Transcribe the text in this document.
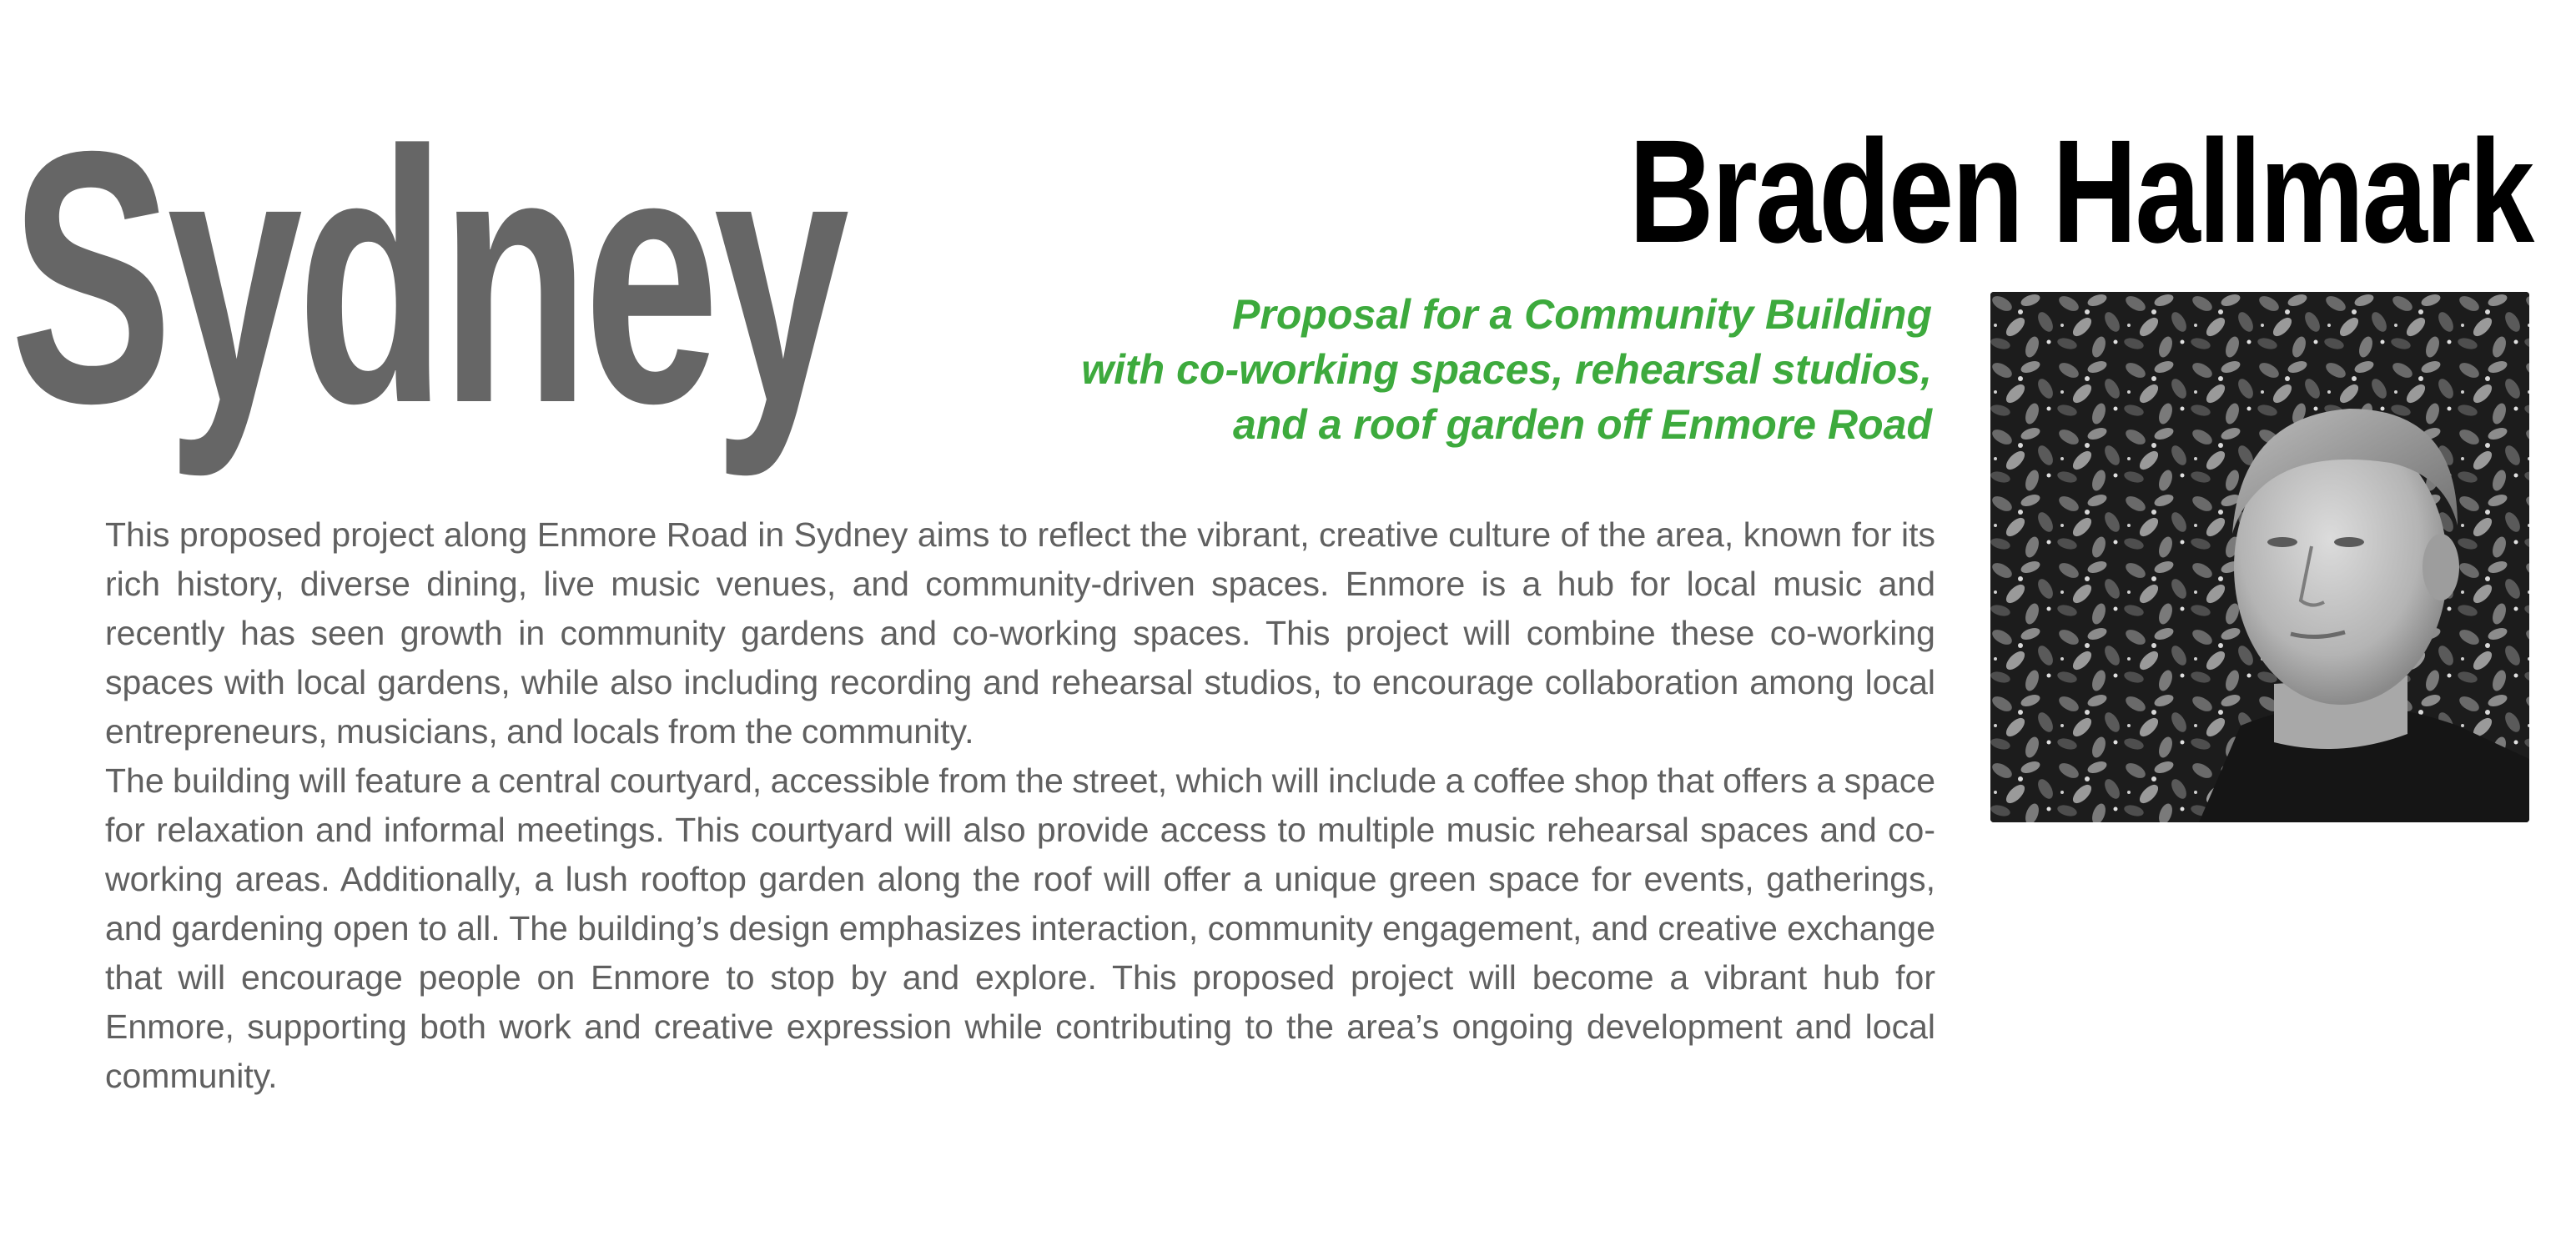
Sydney	Braden Hallmark
Proposal for a Community Building
with co-working spaces, rehearsal studios,
and a roof garden off Enmore Road

This proposed project along Enmore Road in Sydney aims to reflect the vibrant, creative culture of the area, known for its rich history, diverse dining, live music venues, and community-driven spaces. Enmore is a hub for local music and recently has seen growth in community gardens and co-working spaces. This project will combine these co-working spaces with local gardens, while also including recording and rehearsal studios, to encourage collaboration among local entrepreneurs, musicians, and locals from the community.

The building will feature a central courtyard, accessible from the street, which will include a coffee shop that offers a space for relaxation and informal meetings. This courtyard will also provide access to multiple music rehearsal spaces and co-working areas. Additionally, a lush rooftop garden along the roof will offer a unique green space for events, gatherings, and gardening open to all. The building’s design emphasizes interaction, community engagement, and creative exchange that will encourage people on Enmore to stop by and explore. This proposed project will become a vibrant hub for Enmore, supporting both work and creative expression while contributing to the area’s ongoing development and local community.
